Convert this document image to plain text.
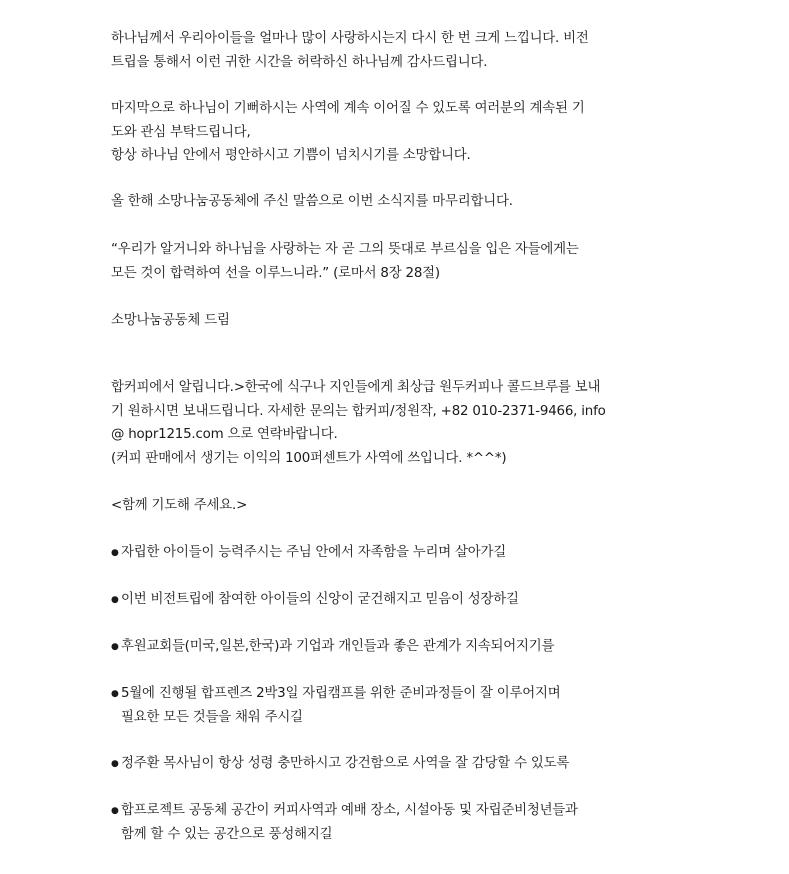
하나님께서 우리아이들을 얼마나 많이 사랑하시는지 다시 한 번 크게 느낍니다. 비전
트립을 통해서 이런 귀한 시간을 허락하신 하나님께 감사드립니다.
마지막으로 하나님이 기뻐하시는 사역에 계속 이어질 수 있도록 여러분의 계속된 기
도와 관심 부탁드립니다,
항상 하나님 안에서 평안하시고 기쁨이 넘치시기를 소망합니다.
올 한해 소망나눔공동체에 주신 말씀으로 이번 소식지를 마무리합니다.
“우리가 알거니와 하나님을 사랑하는 자 곧 그의 뜻대로 부르심을 입은 자들에게는
모든 것이 합력하여 선을 이루느니라.” (로마서 8장 28절)
소망나눔공동체 드림
합커피에서 알립니다.>한국에 식구나 지인들에게 최상급 원두커피나 콜드브루를 보내
기 원하시면 보내드립니다. 자세한 문의는 합커피/정원작, +82 010-2371-9466, info
@ hopr1215.com 으로 연락바랍니다.
(커피 판매에서 생기는 이익의 100퍼센트가 사역에 쓰입니다. *^^*)
<함께 기도해 주세요.>
● 자립한 아이들이 능력주시는 주님 안에서 자족함을 누리며 살아가길
● 이번 비전트립에 참여한 아이들의 신앙이 굳건해지고 믿음이 성장하길
● 후원교회들(미국,일본,한국)과 기업과 개인들과 좋은 관계가 지속되어지기를
● 5월에 진행될 합프렌즈 2박3일 자립캠프를 위한 준비과정들이 잘 이루어지며
필요한 모든 것들을 채워 주시길
● 정주환 목사님이 항상 성령 충만하시고 강건함으로 사역을 잘 감당할 수 있도록
● 합프로젝트 공동체 공간이 커피사역과 예배 장소, 시설아동 및 자립준비청년들과
함께 할 수 있는 공간으로 풍성해지길
